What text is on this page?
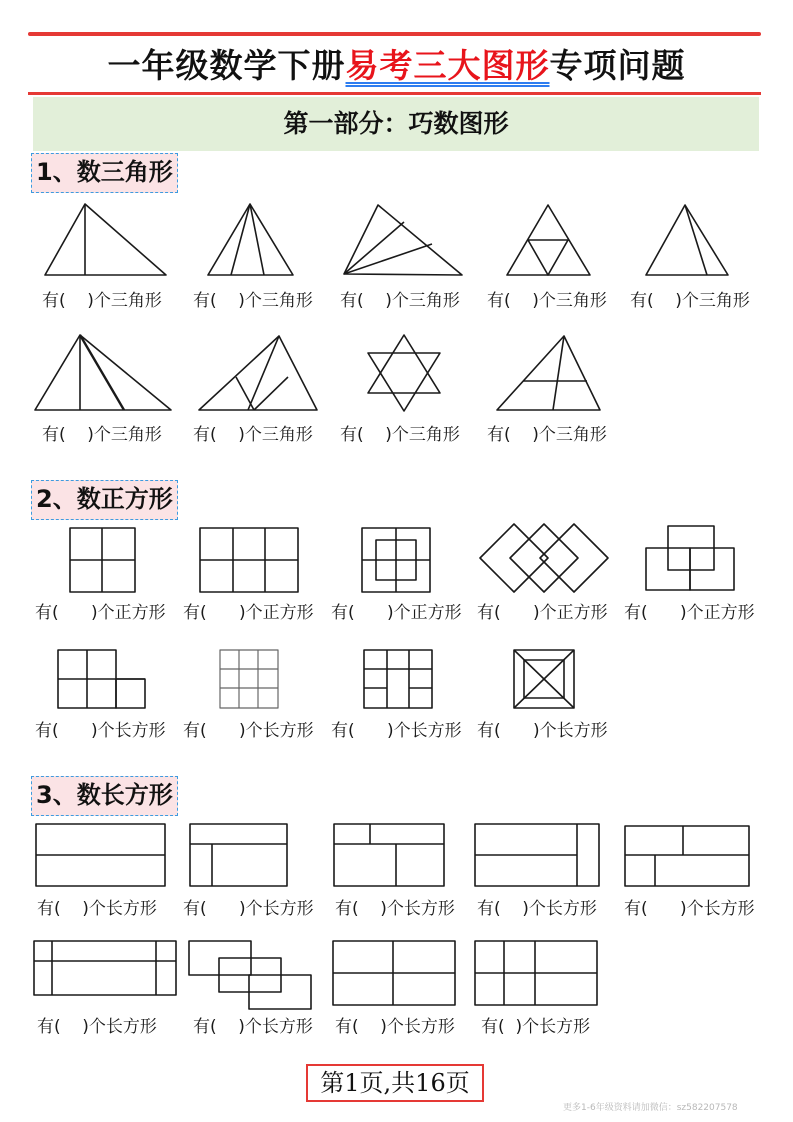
一年级数学下册易考三大图形专项问题
第一部分：巧数图形
1、数三角形
有(    )个三角形 有(    )个三角形 有(    )个三角形 有(    )个三角形 有(    )个三角形
有(    )个三角形 有(    )个三角形 有(    )个三角形 有(    )个三角形
2、数正方形
有(      )个正方形 有(      )个正方形 有(      )个正方形 有(      )个正方形 有(      )个正方形
有(      )个长方形 有(      )个长方形 有(      )个长方形 有(      )个长方形
3、数长方形
有(    )个长方形 有(      )个长方形 有(    )个长方形 有(    )个长方形 有(      )个长方形
有(    )个长方形 有(    )个长方形 有(    )个长方形 有(  )个长方形
第1页,共16页
更多1-6年级资料请加微信：sz582207578
